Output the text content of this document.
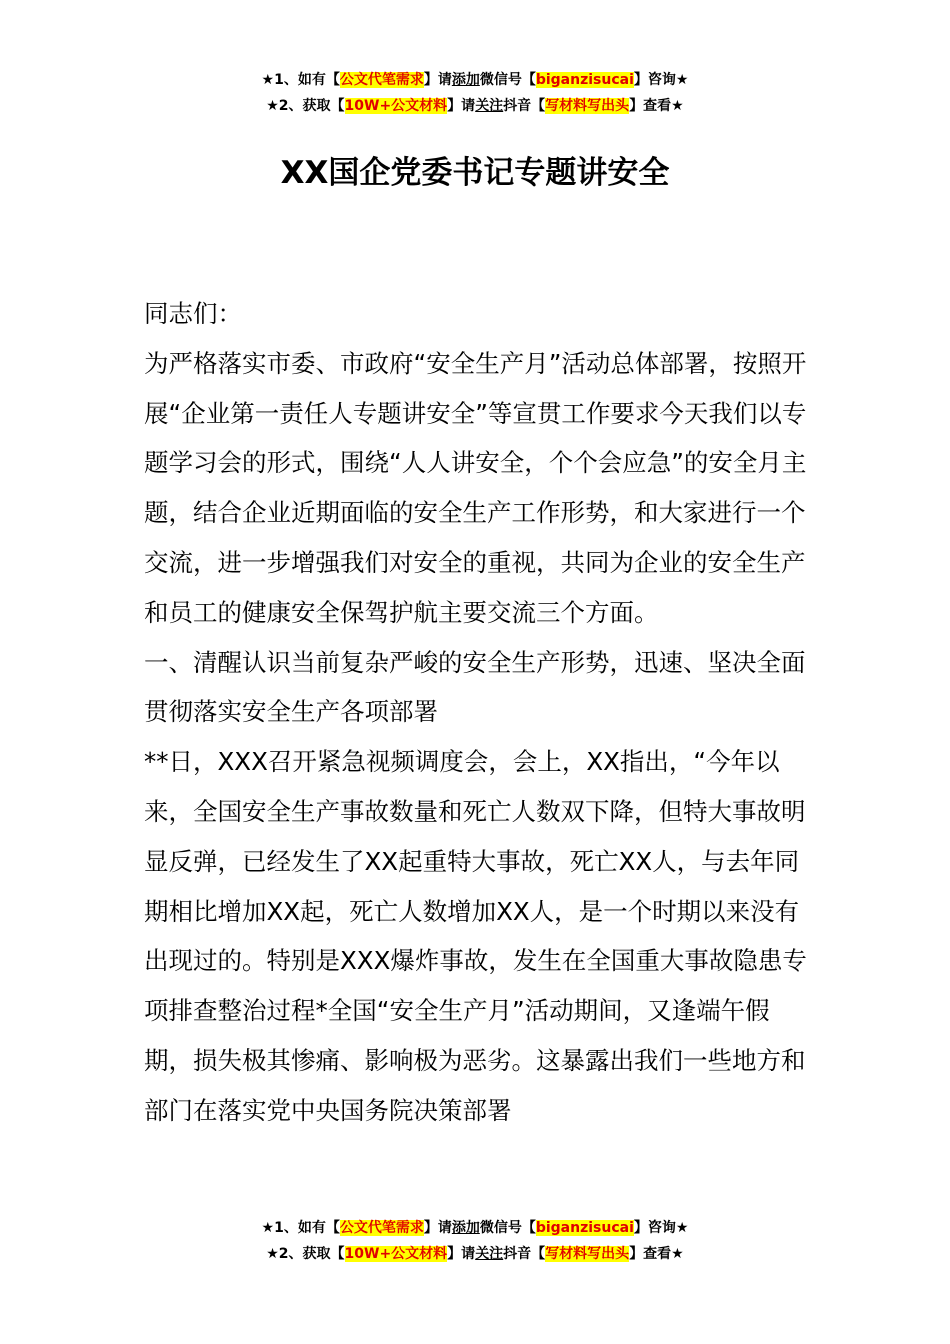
★1、如有【公文代笔需求】请添加微信号【biganzisucai】咨询★
★2、获取【10W+公文材料】请关注抖音【写材料写出头】查看★
XX国企党委书记专题讲安全

同志们：

为严格落实市委、市政府“安全生产月”活动总体部署，按照开展“企业第一责任人专题讲安全”等宣贯工作要求今天我们以专题学习会的形式，围绕“人人讲安全，个个会应急”的安全月主题，结合企业近期面临的安全生产工作形势，和大家进行一个交流，进一步增强我们对安全的重视，共同为企业的安全生产和员工的健康安全保驾护航主要交流三个方面。

一、清醒认识当前复杂严峻的安全生产形势，迅速、坚决全面贯彻落实安全生产各项部署

**日，XXX召开紧急视频调度会，会上，XX指出，“今年以来，全国安全生产事故数量和死亡人数双下降，但特大事故明显反弹，已经发生了XX起重特大事故，死亡XX人，与去年同期相比增加XX起，死亡人数增加XX人，是一个时期以来没有出现过的。特别是XXX爆炸事故，发生在全国重大事故隐患专项排查整治过程*全国“安全生产月”活动期间，又逢端午假期，损失极其惨痛、影响极为恶劣。这暴露出我们一些地方和部门在落实党中央国务院决策部署

★1、如有【公文代笔需求】请添加微信号【biganzisucai】咨询★
★2、获取【10W+公文材料】请关注抖音【写材料写出头】查看★
